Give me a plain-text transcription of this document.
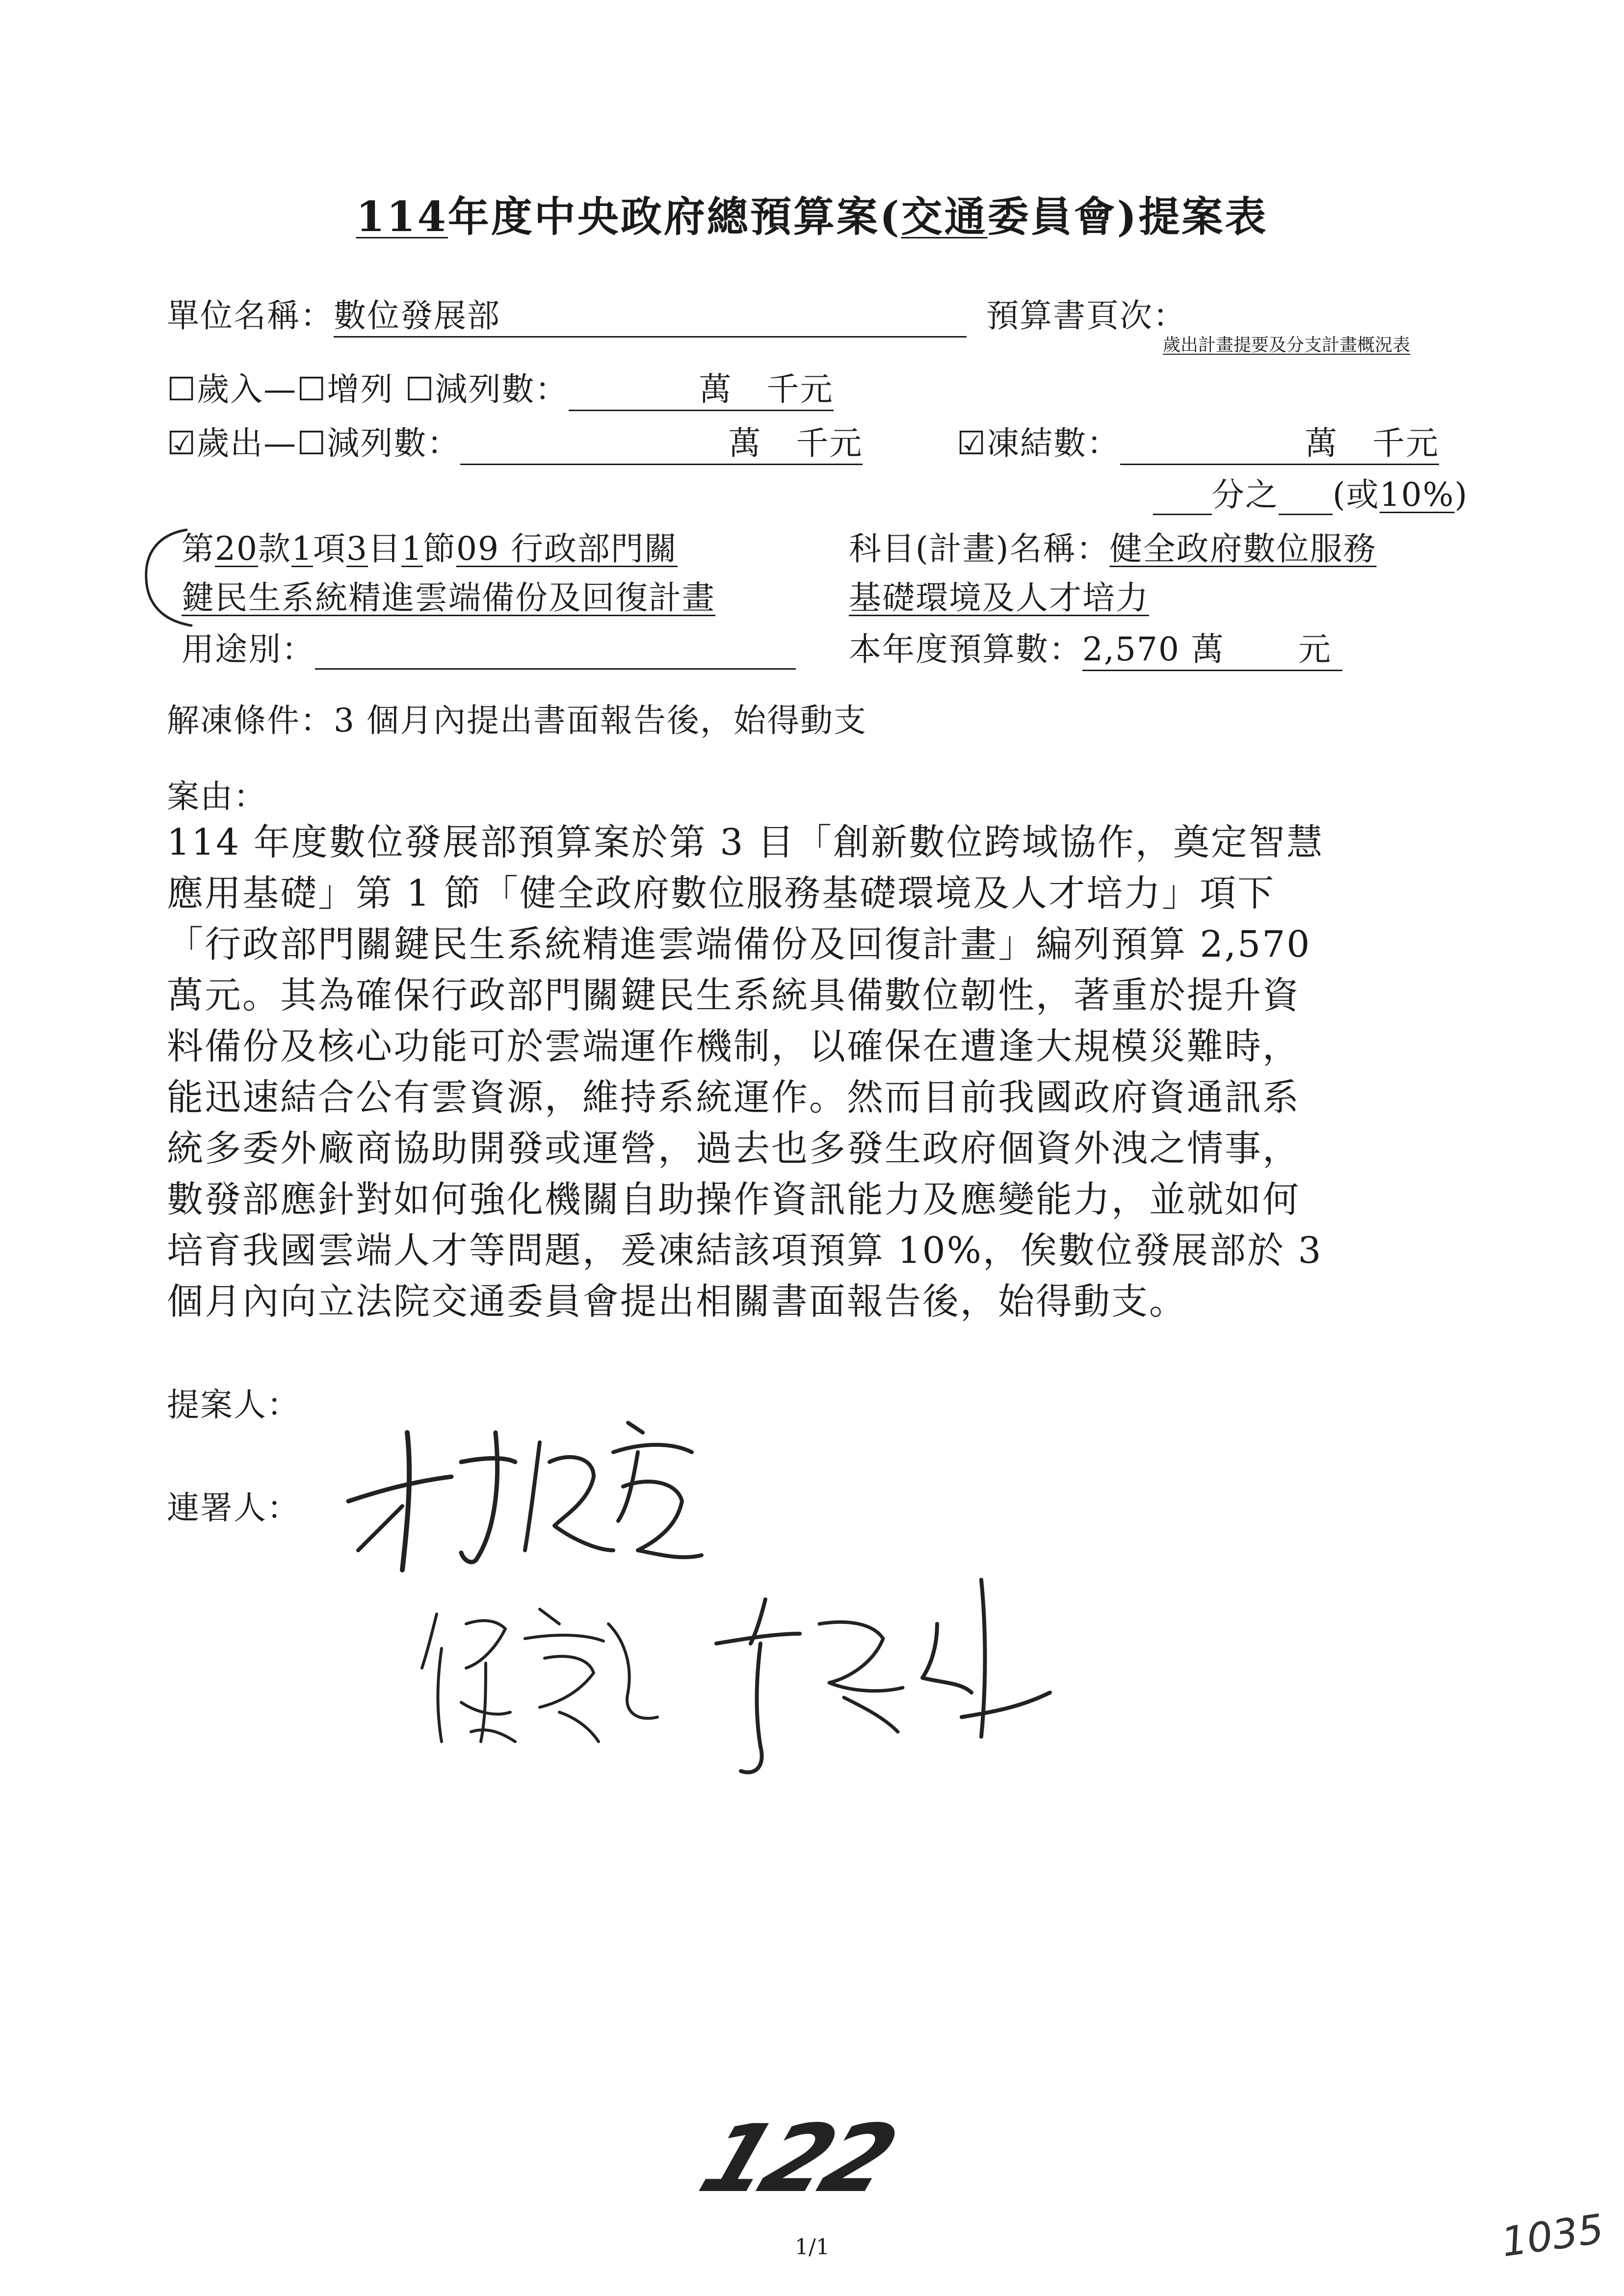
114年度中央政府總預算案(交通委員會)提案表
單位名稱：數位發展部	預算書頁次：
歲出計畫提要及分支計畫概況表
☐歲入—☐增列 ☐減列數：	萬 千元
☑歲出—☐減列數：	萬 千元	☑凍結數：	萬 千元
分之 (或10%)
第20款1項3目1節09 行政部門關
鍵民生系統精進雲端備份及回復計畫
科目(計畫)名稱：健全政府數位服務
基礎環境及人才培力
用途別：	本年度預算數：2,570 萬 元
解凍條件：3 個月內提出書面報告後，始得動支
案由：
114 年度數位發展部預算案於第 3 目「創新數位跨域協作，奠定智慧
應用基礎」第 1 節「健全政府數位服務基礎環境及人才培力」項下
「行政部門關鍵民生系統精進雲端備份及回復計畫」編列預算 2,570
萬元。其為確保行政部門關鍵民生系統具備數位韌性，著重於提升資
料備份及核心功能可於雲端運作機制，以確保在遭逢大規模災難時，
能迅速結合公有雲資源，維持系統運作。然而目前我國政府資通訊系
統多委外廠商協助開發或運營，過去也多發生政府個資外洩之情事，
數發部應針對如何強化機關自助操作資訊能力及應變能力，並就如何
培育我國雲端人才等問題，爰凍結該項預算 10%，俟數位發展部於 3
個月內向立法院交通委員會提出相關書面報告後，始得動支。
提案人：
連署人：
122
1/1	1035
